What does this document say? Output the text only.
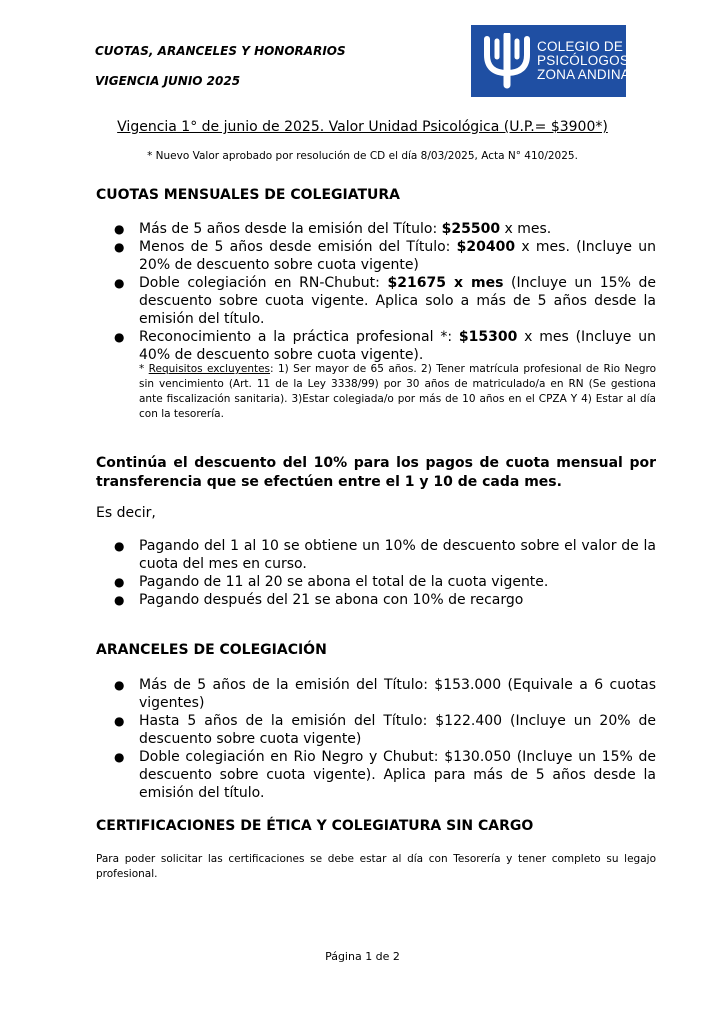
CUOTAS, ARANCELES Y HONORARIOS
VIGENCIA JUNIO 2025
COLEGIO DE
PSICÓLOGOS
ZONA ANDINA
Vigencia 1° de junio de 2025. Valor Unidad Psicológica (U.P.= $3900*)
* Nuevo Valor aprobado por resolución de CD el día 8/03/2025, Acta N° 410/2025.
CUOTAS MENSUALES DE COLEGIATURA
● Más de 5 años desde la emisión del Título: $25500 x mes.
● Menos de 5 años desde emisión del Título: $20400 x mes. (Incluye un 20% de descuento sobre cuota vigente)
● Doble colegiación en RN-Chubut: $21675 x mes (Incluye un 15% de descuento sobre cuota vigente. Aplica solo a más de 5 años desde la emisión del título.
● Reconocimiento a la práctica profesional *: $15300 x mes (Incluye un 40% de descuento sobre cuota vigente).
* Requisitos excluyentes: 1) Ser mayor de 65 años. 2) Tener matrícula profesional de Rio Negro sin vencimiento (Art. 11 de la Ley 3338/99) por 30 años de matriculado/a en RN (Se gestiona ante fiscalización sanitaria). 3)Estar colegiada/o por más de 10 años en el CPZA Y 4) Estar al día con la tesorería.
Continúa el descuento del 10% para los pagos de cuota mensual por transferencia que se efectúen entre el 1 y 10 de cada mes.
Es decir,
● Pagando del 1 al 10 se obtiene un 10% de descuento sobre el valor de la cuota del mes en curso.
● Pagando de 11 al 20 se abona el total de la cuota vigente.
● Pagando después del 21 se abona con 10% de recargo
ARANCELES DE COLEGIACIÓN
● Más de 5 años de la emisión del Título: $153.000 (Equivale a 6 cuotas vigentes)
● Hasta 5 años de la emisión del Título: $122.400 (Incluye un 20% de descuento sobre cuota vigente)
● Doble colegiación en Rio Negro y Chubut: $130.050 (Incluye un 15% de descuento sobre cuota vigente). Aplica para más de 5 años desde la emisión del título.
CERTIFICACIONES DE ÉTICA Y COLEGIATURA SIN CARGO
Para poder solicitar las certificaciones se debe estar al día con Tesorería y tener completo su legajo profesional.
Página 1 de 2
